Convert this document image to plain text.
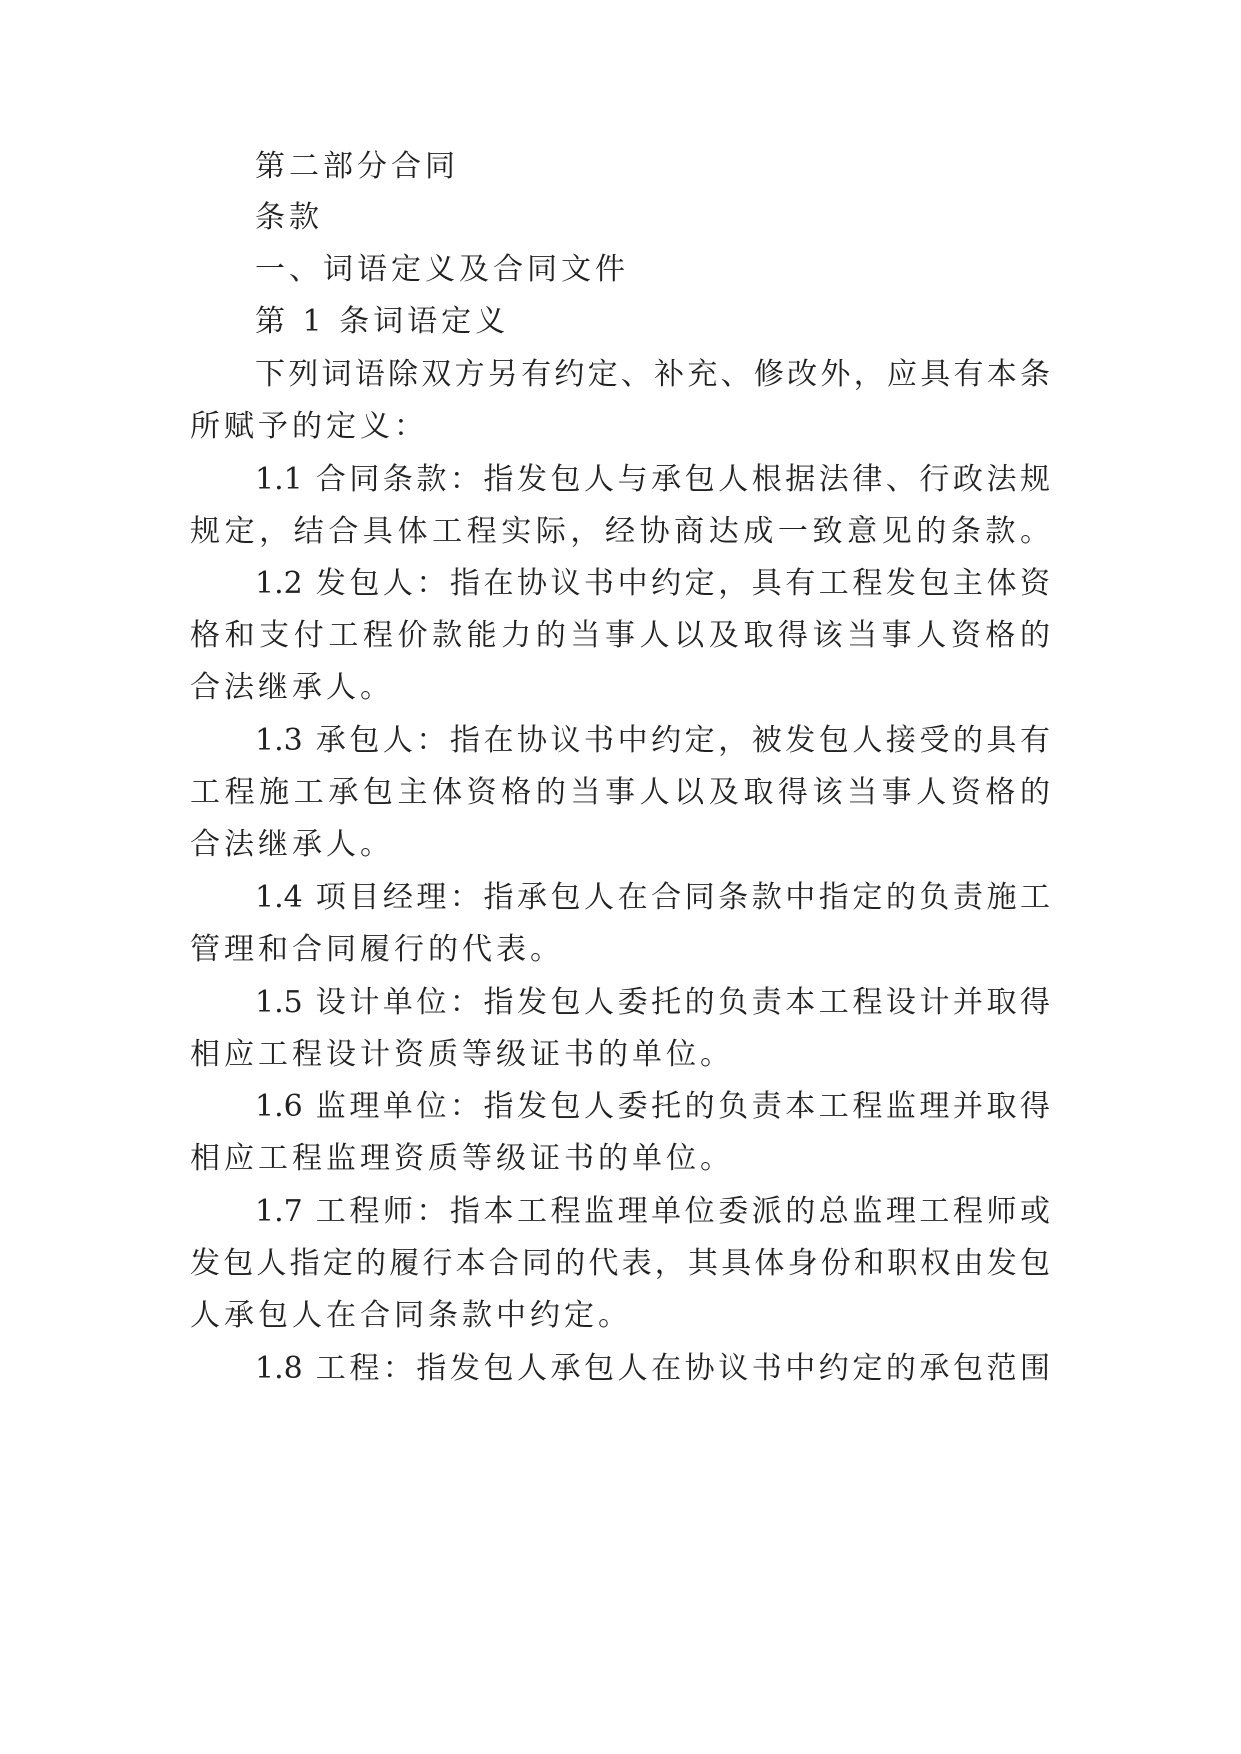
第二部分合同
条款
一、词语定义及合同文件
第 1 条词语定义
下列词语除双方另有约定、补充、修改外，应具有本条
所赋予的定义：
1.1 合同条款：指发包人与承包人根据法律、行政法规
规定，结合具体工程实际，经协商达成一致意见的条款。
1.2 发包人：指在协议书中约定，具有工程发包主体资
格和支付工程价款能力的当事人以及取得该当事人资格的
合法继承人。
1.3 承包人：指在协议书中约定，被发包人接受的具有
工程施工承包主体资格的当事人以及取得该当事人资格的
合法继承人。
1.4 项目经理：指承包人在合同条款中指定的负责施工
管理和合同履行的代表。
1.5 设计单位：指发包人委托的负责本工程设计并取得
相应工程设计资质等级证书的单位。
1.6 监理单位：指发包人委托的负责本工程监理并取得
相应工程监理资质等级证书的单位。
1.7 工程师：指本工程监理单位委派的总监理工程师或
发包人指定的履行本合同的代表，其具体身份和职权由发包
人承包人在合同条款中约定。
1.8 工程：指发包人承包人在协议书中约定的承包范围
